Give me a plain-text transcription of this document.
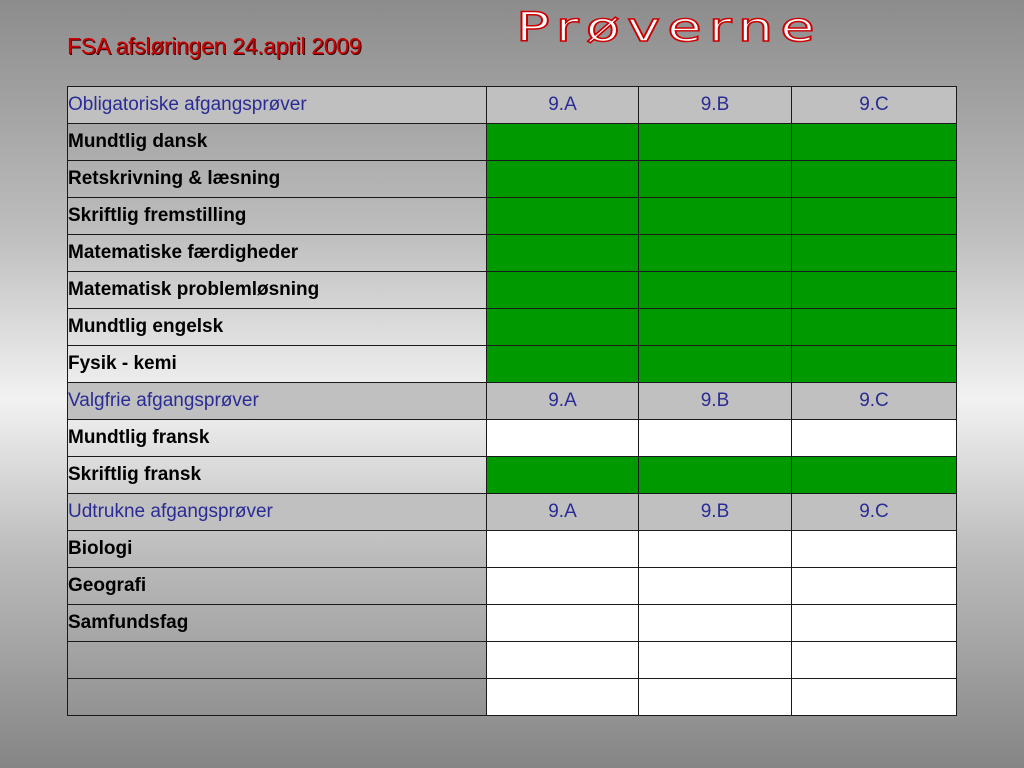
FSA afsløringen 24.april 2009	Prøverne
Obligatoriske afgangsprøver	9.A	9.B	9.C
Mundtlig dansk			
Retskrivning & læsning			
Skriftlig fremstilling			
Matematiske færdigheder			
Matematisk problemløsning			
Mundtlig engelsk			
Fysik - kemi			
Valgfrie afgangsprøver	9.A	9.B	9.C
Mundtlig fransk			
Skriftlig fransk			
Udtrukne afgangsprøver	9.A	9.B	9.C
Biologi			
Geografi			
Samfundsfag			
